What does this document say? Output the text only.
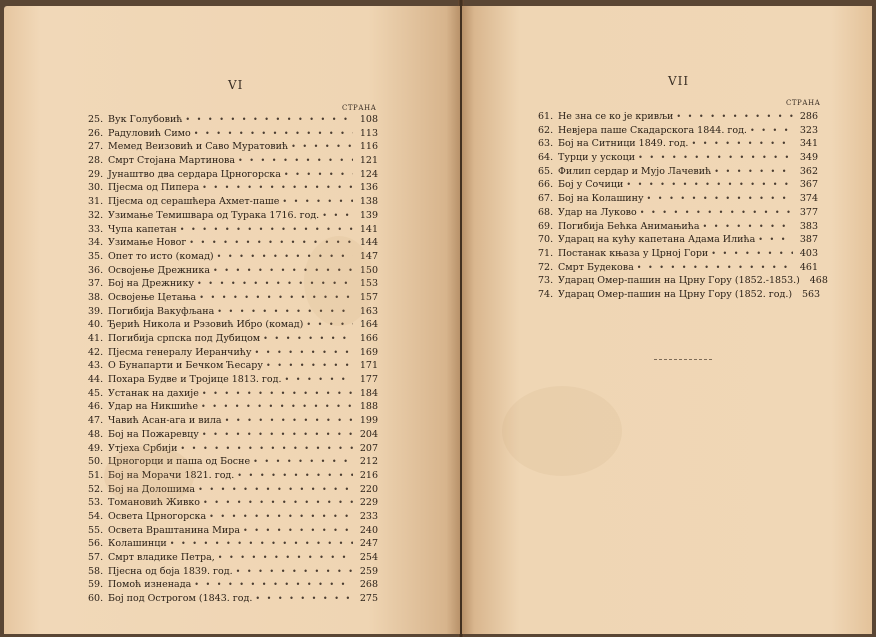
VI
СТРАНА
25. Вук Голубовић • • •	108
26. Радуловић Симо • • •	113
27. Мемед Веизовић и Саво Муратовић • • •	116
28. Смрт Стојана Мартинова • • •	121
29. Јунаштво два сердара Црногорска • • •	124
30. Пјесма од Пипера • • •	136
31. Пјесма од серашћера Ахмет-паше • • •	138
32. Узимање Темишвара од Турака 1716. год. • • •	139
33. Чупа капетан • • •	141
34. Узимање Новог • • •	144
35. Опет то исто (комад) • • •	147
36. Освојење Дрежника • • •	150
37. Бој на Дрежнику • • •	153
38. Освојење Цетања • • •	157
39. Погибија Вакуфљана • • •	163
40. Ђерић Никола и Рэзовић Ибро (комад) • • •	164
41. Погибија српска под Дубицом • • •	166
42. Пјесма генералу Иеранчићу • • •	169
43. О Бунапарти и Бечком Ћесару • • •	171
44. Похара Будве и Тројице 1813. год. • • •	177
45. Устанак на дахије • • •	184
46. Удар на Никшиће • • •	188
47. Чавић Асан-ага и вила • • •	199
48. Бој на Пожаревцу • • •	204
49. Утјеха Србији • • •	207
50. Црногорци и паша од Босне • • •	212
51. Бој на Морачи 1821. год. • • •	216
52. Бој на Долошима • • •	220
53. Томановић Живко • • •	229
54. Освета Црногорска • • •	233
55. Освета Враштанина Мира • • •	240
56. Колашинци • • •	247
57. Смрт владике Петра, • • •	254
58. Пјесна од боја 1839. год. • • •	259
59. Помоћ изненада • • •	268
60. Бој под Острогом (1843. год. • • •	275
VII
СТРАНА
61. Не зна се ко је кривљи • • •	286
62. Невјера паше Скадарскога 1844. год. • • •	323
63. Бој на Ситници 1849. год. • • •	341
64. Турци у ускоци • • •	349
65. Филип сердар и Мујо Лачевић • • •	362
66. Бој у Сочици • • •	367
67. Бој на Колашину • • •	374
68. Удар на Луково • • •	377
69. Погибија Бећка Анимањића • • •	383
70. Ударац на кућу капетана Адама Илића • • •	387
71. Постанак књаза у Црној Гори • • •	403
72. Смрт Будекова • • •	461
73. Ударац Омер-пашин на Црну Гору (1852.-1853.)	468
74. Ударац Омер-пашин на Црну Гору (1852. год.)	563
